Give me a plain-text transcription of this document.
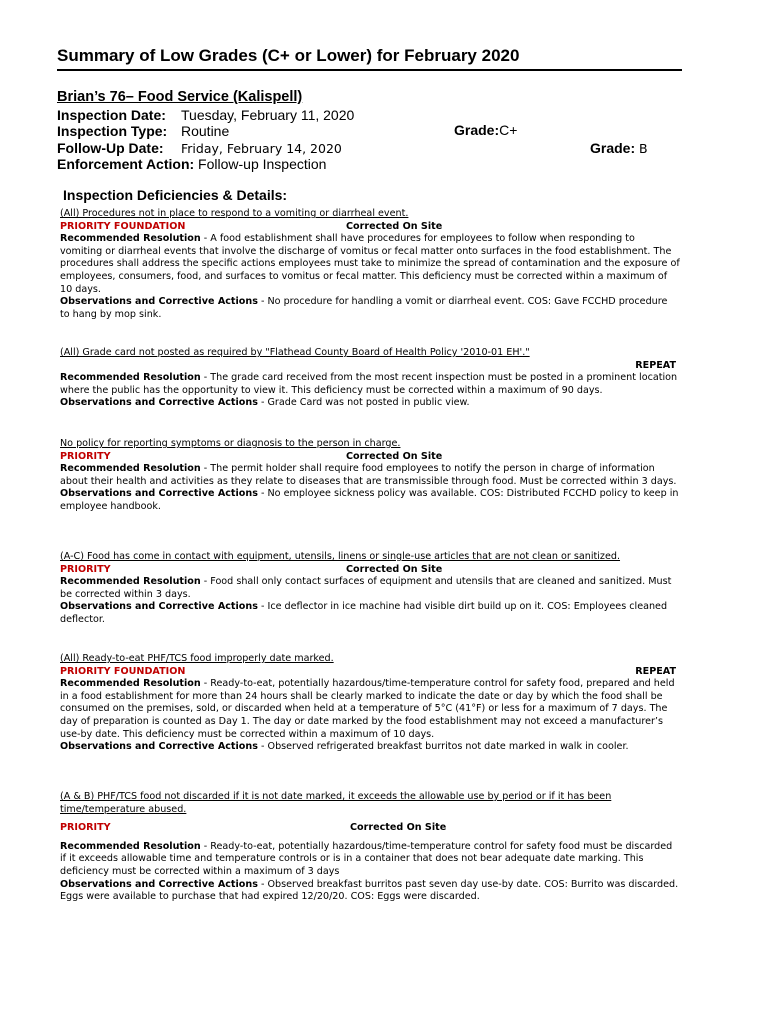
Summary of Low Grades (C+ or Lower) for February 2020
Brian’s 76– Food Service (Kalispell)
Inspection Date: Tuesday, February 11, 2020
Inspection Type: Routine
Follow-Up Date: Friday, February 14, 2020
Enforcement Action: Follow-up Inspection
Grade:C+
Grade: B
Inspection Deficiencies & Details:
(All) Procedures not in place to respond to a vomiting or diarrheal event.
PRIORITY FOUNDATION	Corrected On Site
Recommended Resolution - A food establishment shall have procedures for employees to follow when responding to vomiting or diarrheal events that involve the discharge of vomitus or fecal matter onto surfaces in the food establishment. The procedures shall address the specific actions employees must take to minimize the spread of contamination and the exposure of employees, consumers, food, and surfaces to vomitus or fecal matter. This deficiency must be corrected within a maximum of 10 days.
Observations and Corrective Actions - No procedure for handling a vomit or diarrheal event. COS: Gave FCCHD procedure to hang by mop sink.
(All) Grade card not posted as required by "Flathead County Board of Health Policy '2010-01 EH'."
REPEAT
Recommended Resolution - The grade card received from the most recent inspection must be posted in a prominent location where the public has the opportunity to view it. This deficiency must be corrected within a maximum of 90 days.
Observations and Corrective Actions - Grade Card was not posted in public view.
No policy for reporting symptoms or diagnosis to the person in charge.
PRIORITY	Corrected On Site
Recommended Resolution - The permit holder shall require food employees to notify the person in charge of information about their health and activities as they relate to diseases that are transmissible through food. Must be corrected within 3 days.
Observations and Corrective Actions - No employee sickness policy was available. COS: Distributed FCCHD policy to keep in employee handbook.
(A-C) Food has come in contact with equipment, utensils, linens or single-use articles that are not clean or sanitized.
PRIORITY	Corrected On Site
Recommended Resolution - Food shall only contact surfaces of equipment and utensils that are cleaned and sanitized. Must be corrected within 3 days.
Observations and Corrective Actions - Ice deflector in ice machine had visible dirt build up on it. COS: Employees cleaned deflector.
(All) Ready-to-eat PHF/TCS food improperly date marked.
PRIORITY FOUNDATION	REPEAT
Recommended Resolution - Ready-to-eat, potentially hazardous/time-temperature control for safety food, prepared and held in a food establishment for more than 24 hours shall be clearly marked to indicate the date or day by which the food shall be consumed on the premises, sold, or discarded when held at a temperature of 5°C (41°F) or less for a maximum of 7 days. The day of preparation is counted as Day 1. The day or date marked by the food establishment may not exceed a manufacturer’s use-by date. This deficiency must be corrected within a maximum of 10 days.
Observations and Corrective Actions - Observed refrigerated breakfast burritos not date marked in walk in cooler.
(A & B) PHF/TCS food not discarded if it is not date marked, it exceeds the allowable use by period or if it has been time/temperature abused.
PRIORITY	Corrected On Site
Recommended Resolution - Ready-to-eat, potentially hazardous/time-temperature control for safety food must be discarded if it exceeds allowable time and temperature controls or is in a container that does not bear adequate date marking. This deficiency must be corrected within a maximum of 3 days
Observations and Corrective Actions - Observed breakfast burritos past seven day use-by date. COS: Burrito was discarded. Eggs were available to purchase that had expired 12/20/20. COS: Eggs were discarded.
